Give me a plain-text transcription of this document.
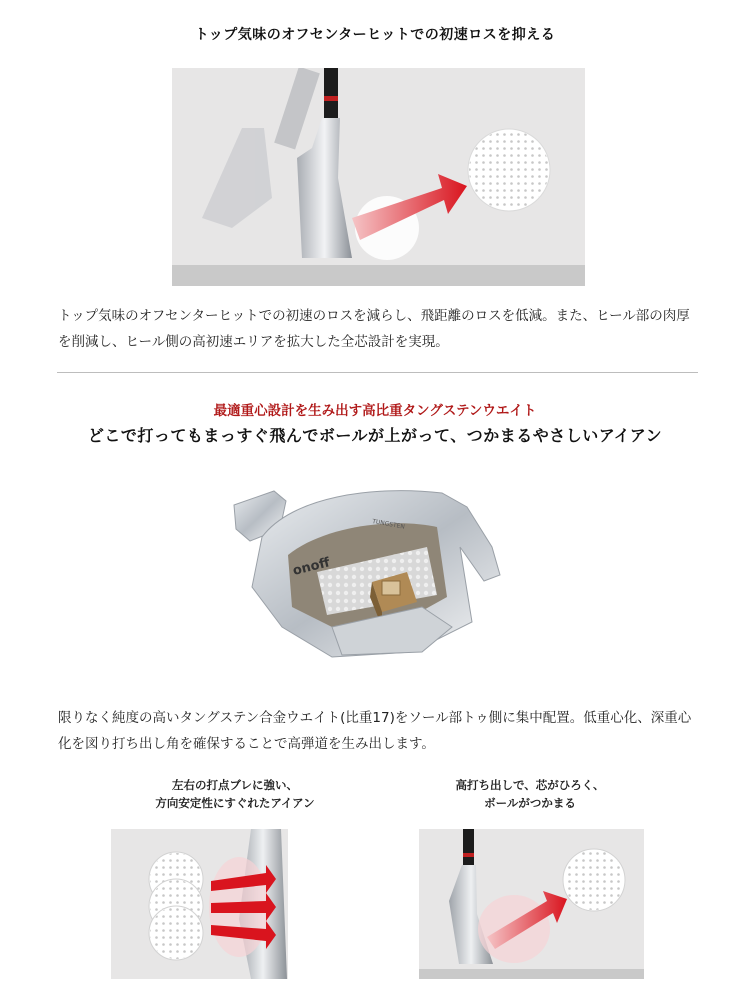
トップ気味のオフセンターヒットでの初速ロスを抑える
トップ気味のオフセンターヒットでの初速のロスを減らし、飛距離のロスを低減。また、ヒール部の肉厚を削減し、ヒール側の高初速エリアを拡大した全芯設計を実現。
最適重心設計を生み出す高比重タングステンウエイト
どこで打ってもまっすぐ飛んでボールが上がって、つかまるやさしいアイアン
onoff
TUNGSTEN
限りなく純度の高いタングステン合金ウエイト(比重17)をソール部トゥ側に集中配置。低重心化、深重心化を図り打ち出し角を確保することで高弾道を生み出します。
左右の打点ブレに強い、
方向安定性にすぐれたアイアン
高打ち出しで、芯がひろく、
ボールがつかまる
